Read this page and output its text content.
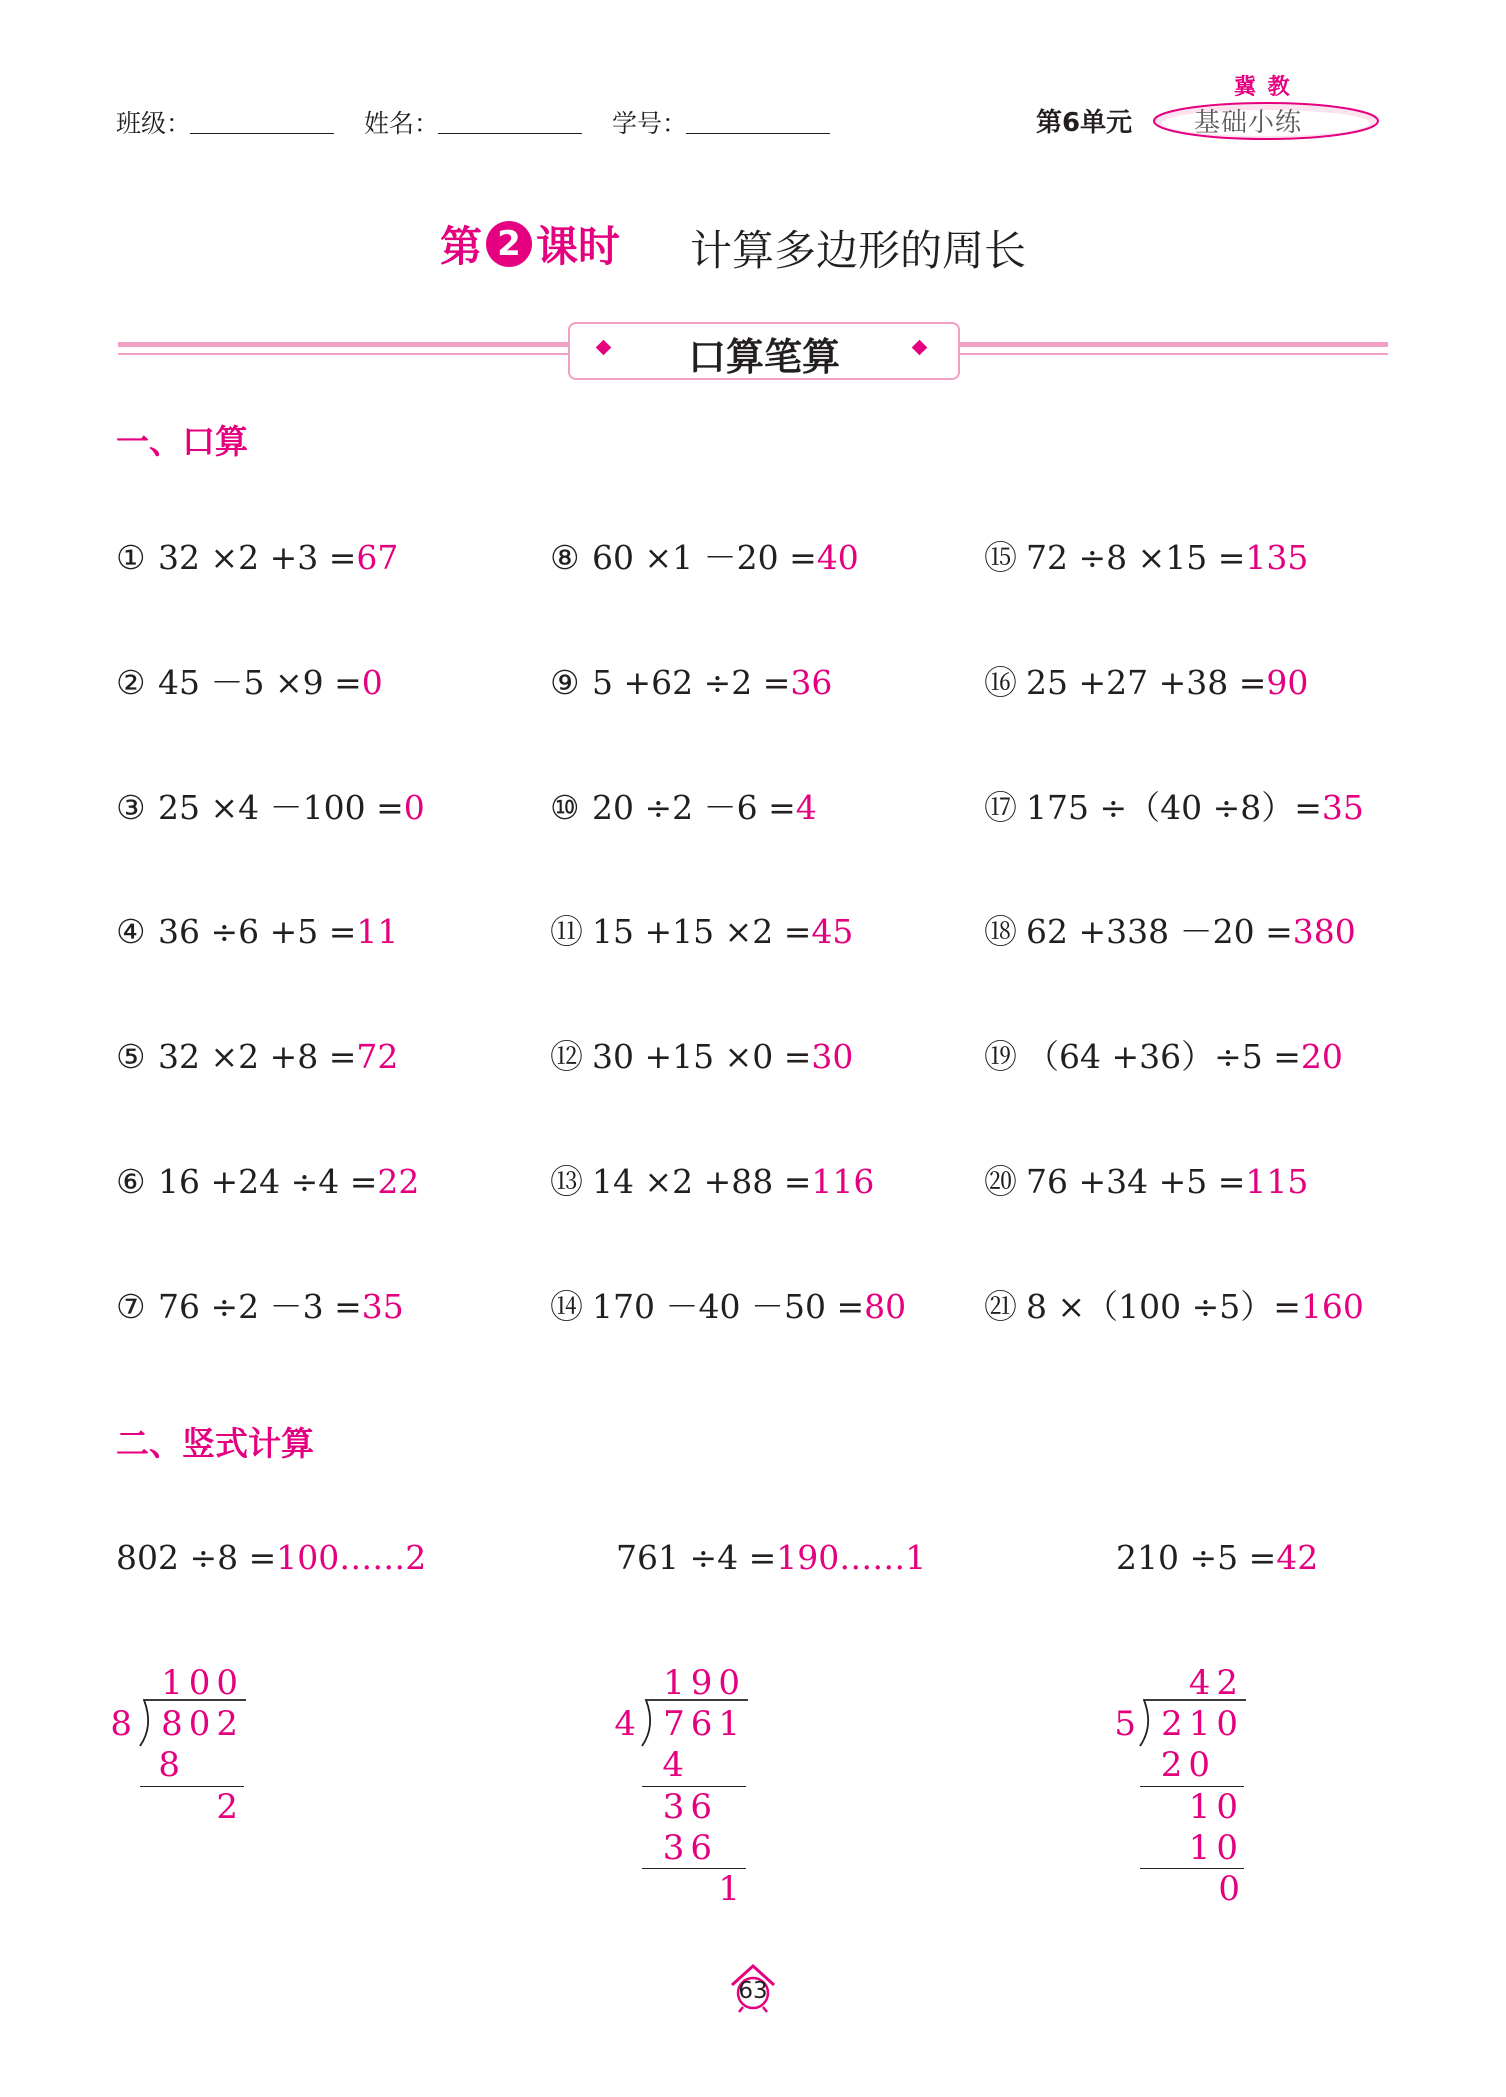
班级：	姓名：	学号：	第6单元
冀 教
基础小练
第 2 课时 计算多边形的周长
口算笔算
一、口算
① 32 ×2 +3 =67
② 45 －5 ×9 =0
③ 25 ×4 －100 =0
④ 36 ÷6 +5 =11
⑤ 32 ×2 +8 =72
⑥ 16 +24 ÷4 =22
⑦ 76 ÷2 －3 =35
⑧ 60 ×1 －20 =40
⑨ 5 +62 ÷2 =36
⑩ 20 ÷2 －6 =4
⑪ 15 +15 ×2 =45
⑫ 30 +15 ×0 =30
⑬ 14 ×2 +88 =116
⑭ 170 －40 －50 =80
⑮ 72 ÷8 ×15 =135
⑯ 25 +27 +38 =90
⑰ 175 ÷（40 ÷8）=35
⑱ 62 +338 －20 =380
⑲ （64 +36）÷5 =20
⑳ 76 +34 +5 =115
㉑ 8 ×（100 ÷5）=160
二、竖式计算
802 ÷8 =100……2	761 ÷4 =190……1	210 ÷5 =42
100
8 802
8
2
190
4 761
4
36
36
1
42
5 210
20
10
10
0
63
